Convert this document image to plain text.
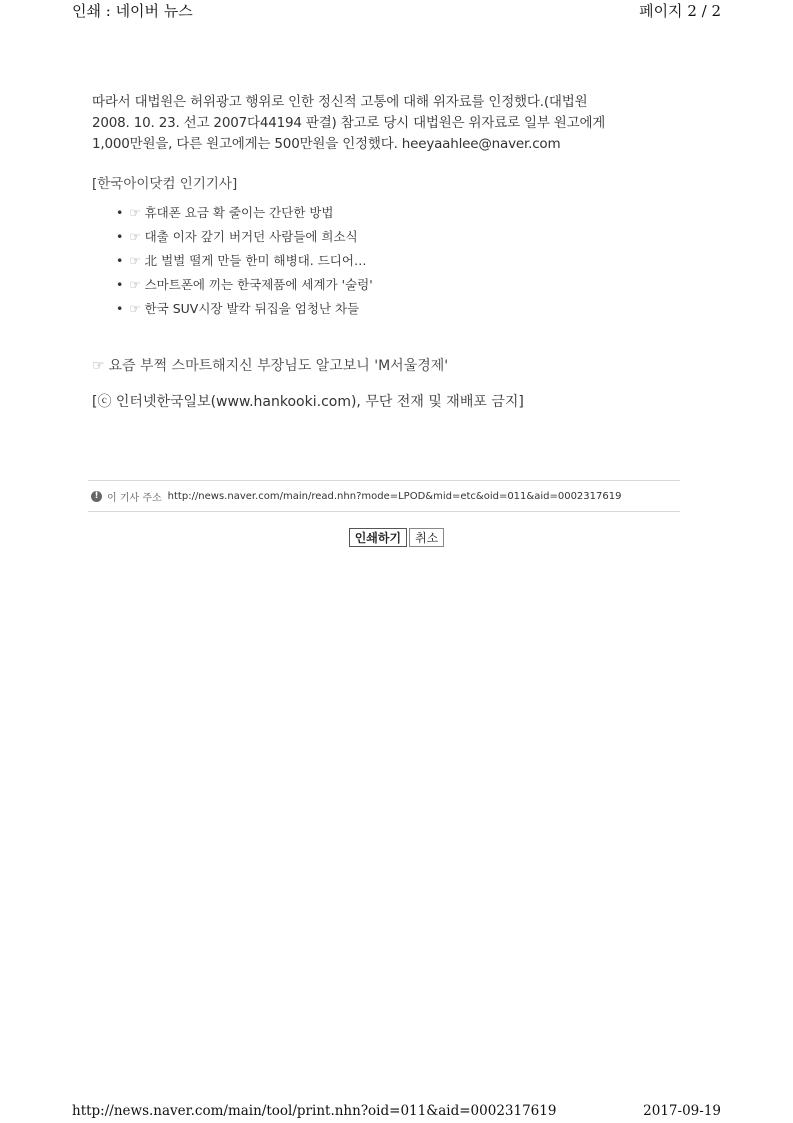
인쇄 : 네이버 뉴스	페이지 2 / 2

따라서 대법원은 허위광고 행위로 인한 정신적 고통에 대해 위자료를 인정했다.(대법원

2008. 10. 23. 선고 2007다44194 판결) 참고로 당시 대법원은 위자료로 일부 원고에게

1,000만원을, 다른 원고에게는 500만원을 인정했다. heeyaahlee@naver.com

[한국아이닷컴 인기기사]
• ☞ 휴대폰 요금 확 줄이는 간단한 방법
• ☞ 대출 이자 갚기 버거던 사람들에 희소식
• ☞ 北 벌벌 떨게 만들 한미 해병대. 드디어…
• ☞ 스마트폰에 끼는 한국제품에 세계가 '술렁'
• ☞ 한국 SUV시장 발칵 뒤집을 엄청난 차들
☞ 요즘 부쩍 스마트해지신 부장님도 알고보니 'M서울경제'
[ⓒ 인터넷한국일보(www.hankooki.com), 무단 전재 및 재배포 금지]
! 이 기사 주소 http://news.naver.com/main/read.nhn?mode=LPOD&mid=etc&oid=011&aid=0002317619
인쇄하기	취소
http://news.naver.com/main/tool/print.nhn?oid=011&aid=0002317619	2017-09-19
